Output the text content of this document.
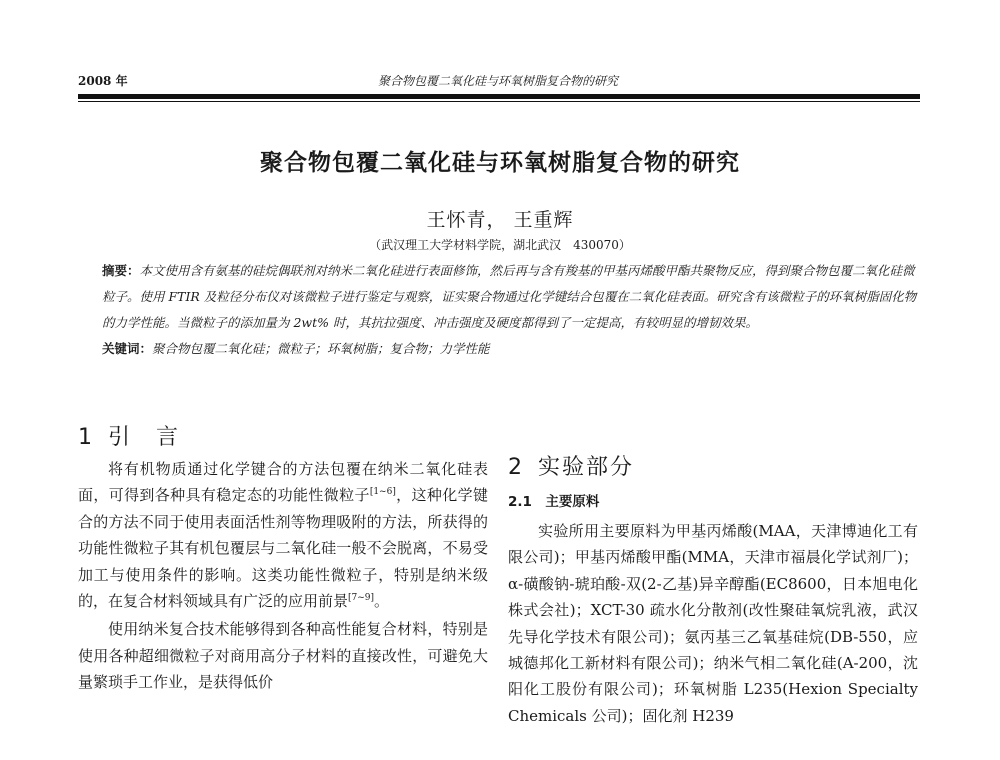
2008 年	聚合物包覆二氧化硅与环氧树脂复合物的研究
聚合物包覆二氧化硅与环氧树脂复合物的研究
王怀青， 王重辉
（武汉理工大学材料学院，湖北武汉　430070）

摘要：本文使用含有氨基的硅烷偶联剂对纳米二氧化硅进行表面修饰，然后再与含有羧基的甲基丙烯酸甲酯共聚物反应，得到聚合物包覆二氧化硅微粒子。使用 FTIR 及粒径分布仪对该微粒子进行鉴定与观察，证实聚合物通过化学键结合包覆在二氧化硅表面。研究含有该微粒子的环氧树脂固化物的力学性能。当微粒子的添加量为 2wt% 时，其抗拉强度、冲击强度及硬度都得到了一定提高，有较明显的增韧效果。

关键词：聚合物包覆二氧化硅；微粒子；环氧树脂；复合物；力学性能

1 引　言

将有机物质通过化学键合的方法包覆在纳米二氧化硅表面，可得到各种具有稳定态的功能性微粒子[1~6]，这种化学键合的方法不同于使用表面活性剂等物理吸附的方法，所获得的功能性微粒子其有机包覆层与二氧化硅一般不会脱离，不易受加工与使用条件的影响。这类功能性微粒子，特别是纳米级的，在复合材料领域具有广泛的应用前景[7~9]。

使用纳米复合技术能够得到各种高性能复合材料，特别是使用各种超细微粒子对商用高分子材料的直接改性，可避免大量繁琐手工作业，是获得低价

2 实验部分
2.1　 主要原料

实验所用主要原料为甲基丙烯酸(MAA，天津博迪化工有限公司)；甲基丙烯酸甲酯(MMA，天津市福晨化学试剂厂)；α-磺酸钠-琥珀酸-双(2-乙基)异辛醇酯(EC8600，日本旭电化株式会社)；XCT-30 疏水化分散剂(改性聚硅氧烷乳液，武汉先导化学技术有限公司)；氨丙基三乙氧基硅烷(DB-550，应城德邦化工新材料有限公司)；纳米气相二氧化硅(A-200，沈阳化工股份有限公司)；环氧树脂 L235(Hexion Specialty Chemicals 公司)；固化剂 H239
